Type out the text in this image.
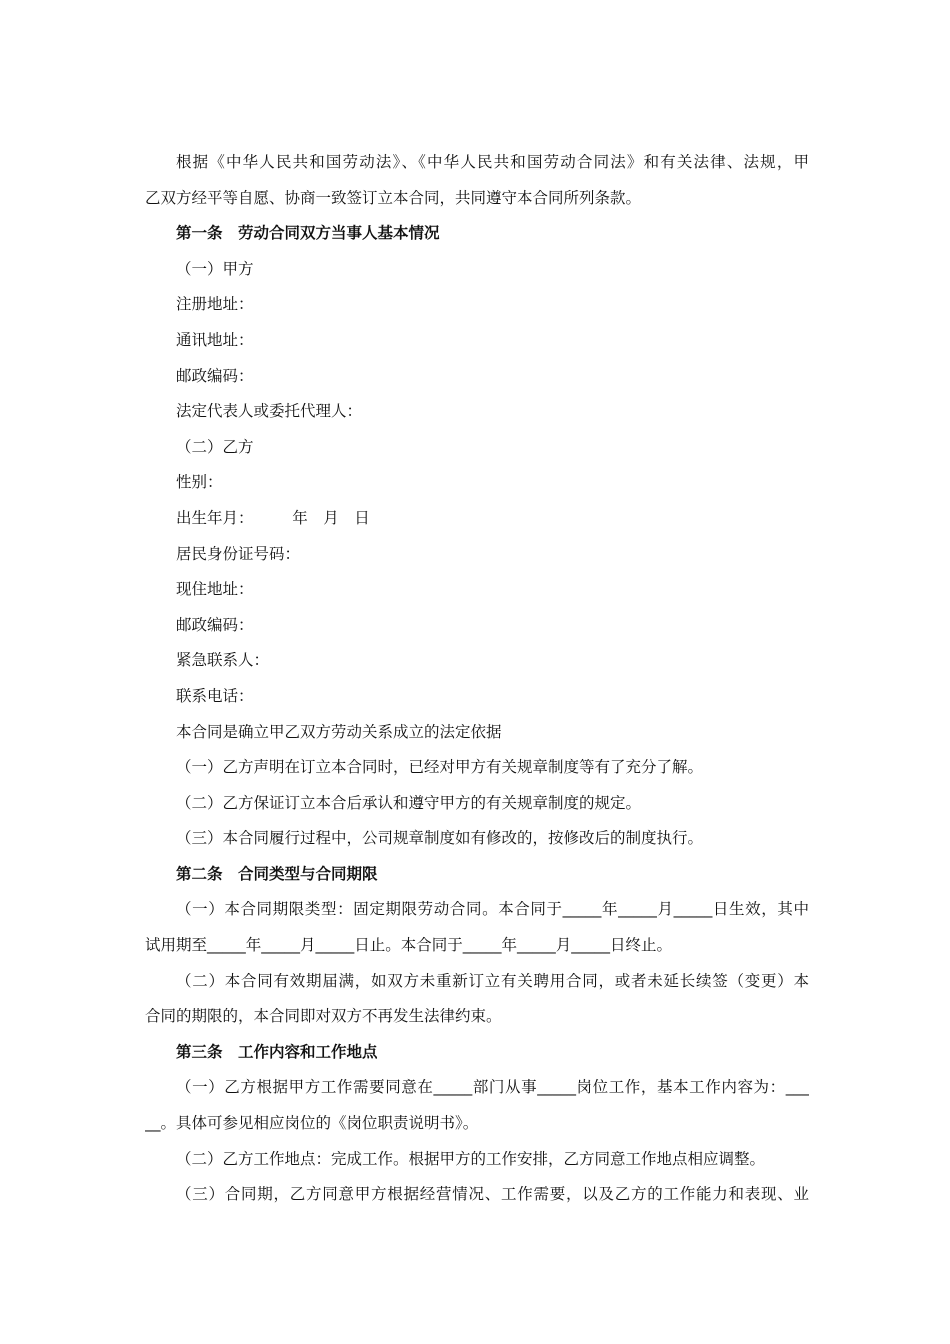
根据《中华人民共和国劳动法》、《中华人民共和国劳动合同法》和有关法律、法规，甲
乙双方经平等自愿、协商一致签订立本合同，共同遵守本合同所列条款。

第一条　劳动合同双方当事人基本情况

（一）甲方

注册地址：

通讯地址：

邮政编码：

法定代表人或委托代理人：

（二）乙方

性别：

出生年月：　　　年　月　日

居民身份证号码：

现住地址：

邮政编码：

紧急联系人：

联系电话：

本合同是确立甲乙双方劳动关系成立的法定依据

（一）乙方声明在订立本合同时，已经对甲方有关规章制度等有了充分了解。

（二）乙方保证订立本合后承认和遵守甲方的有关规章制度的规定。

（三）本合同履行过程中，公司规章制度如有修改的，按修改后的制度执行。

第二条　合同类型与合同期限

（一）本合同期限类型：固定期限劳动合同。本合同于_____年_____月_____日生效，其中
试用期至_____年_____月_____日止。本合同于_____年_____月_____日终止。

（二）本合同有效期届满，如双方未重新订立有关聘用合同，或者未延长续签（变更）本
合同的期限的，本合同即对双方不再发生法律约束。

第三条　工作内容和工作地点

（一）乙方根据甲方工作需要同意在_____部门从事_____岗位工作，基本工作内容为：___
__。具体可参见相应岗位的《岗位职责说明书》。

（二）乙方工作地点：完成工作。根据甲方的工作安排，乙方同意工作地点相应调整。

（三）合同期，乙方同意甲方根据经营情况、工作需要，以及乙方的工作能力和表现、业
